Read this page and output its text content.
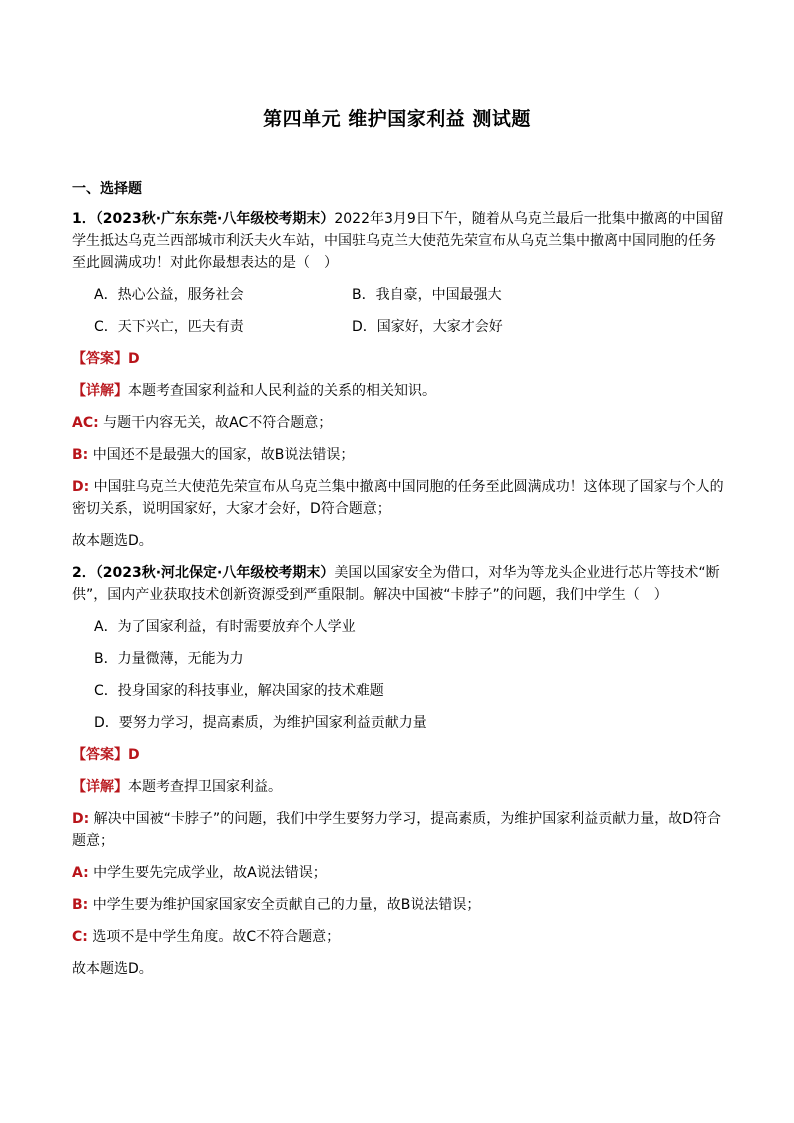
第四单元 维护国家利益 测试题
一、选择题
1．（2023秋·广东东莞·八年级校考期末）2022年3月9日下午，随着从乌克兰最后一批集中撤离的中国留学生抵达乌克兰西部城市利沃夫火车站，中国驻乌克兰大使范先荣宣布从乌克兰集中撤离中国同胞的任务至此圆满成功！对此你最想表达的是（　）
A．热心公益，服务社会	B．我自豪，中国最强大
C．天下兴亡，匹夫有责	D．国家好，大家才会好
【答案】D
【详解】本题考查国家利益和人民利益的关系的相关知识。
AC: 与题干内容无关，故AC不符合题意；
B: 中国还不是最强大的国家，故B说法错误；
D: 中国驻乌克兰大使范先荣宣布从乌克兰集中撤离中国同胞的任务至此圆满成功！这体现了国家与个人的密切关系，说明国家好，大家才会好，D符合题意；
故本题选D。
2．（2023秋·河北保定·八年级校考期末）美国以国家安全为借口，对华为等龙头企业进行芯片等技术“断供”，国内产业获取技术创新资源受到严重限制。解决中国被“卡脖子”的问题，我们中学生（　）
A．为了国家利益，有时需要放弃个人学业
B．力量微薄，无能为力
C．投身国家的科技事业，解决国家的技术难题
D．要努力学习，提高素质，为维护国家利益贡献力量
【答案】D
【详解】本题考查捍卫国家利益。
D: 解决中国被“卡脖子”的问题，我们中学生要努力学习，提高素质，为维护国家利益贡献力量，故D符合题意；
A: 中学生要先完成学业，故A说法错误；
B: 中学生要为维护国家国家安全贡献自己的力量，故B说法错误；
C: 选项不是中学生角度。故C不符合题意；
故本题选D。
